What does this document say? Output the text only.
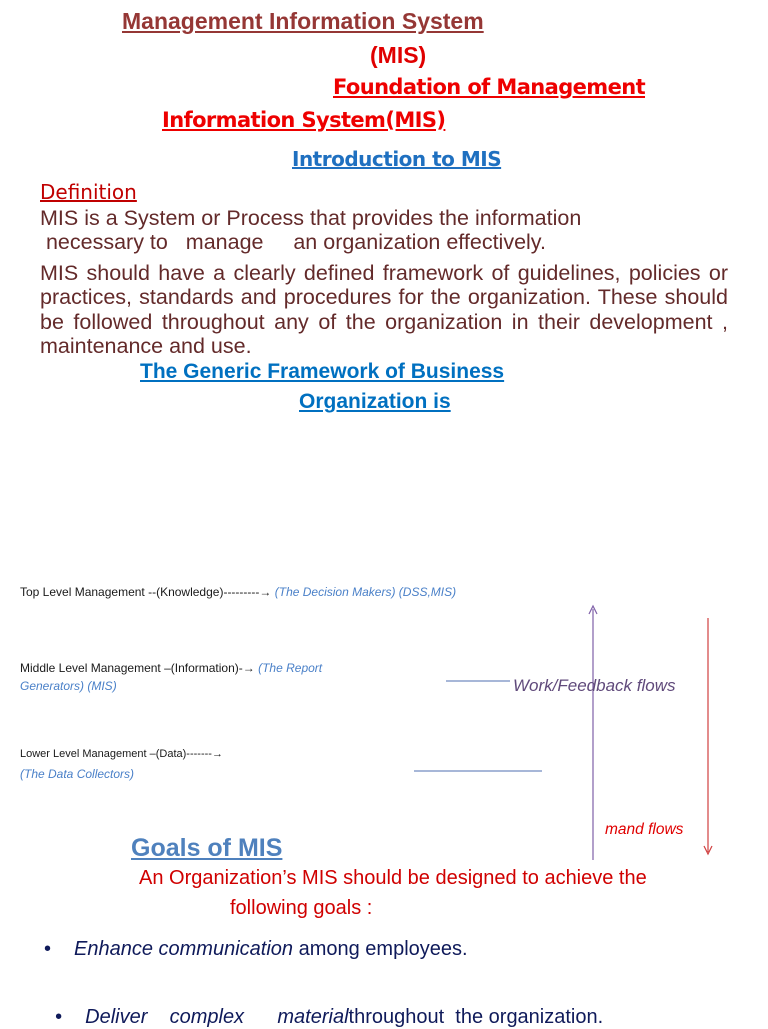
Management Information System
(MIS)
Foundation of Management
Information System(MIS)
Introduction to MIS
Definition
MIS is a System or Process that provides the information
necessary to   manage     an organization effectively.
MIS should have a clearly defined framework of guidelines, policies or practices, standards and procedures for the organization. These should be followed throughout any of the organization in their development , maintenance and use.
The Generic Framework of Business
Organization is
Top Level Management --(Knowledge)---------→ (The Decision Makers) (DSS,MIS)
Middle Level Management –(Information)-→ (The Report
Generators) (MIS)
Lower Level Management –(Data)-------→
(The Data Collectors)
Work/Feedback flows
mand flows
Goals of MIS
An Organization’s MIS should be designed to achieve the
following goals :
• Enhance communication among employees.

• Deliver    complex      materialthroughout  the organization.
